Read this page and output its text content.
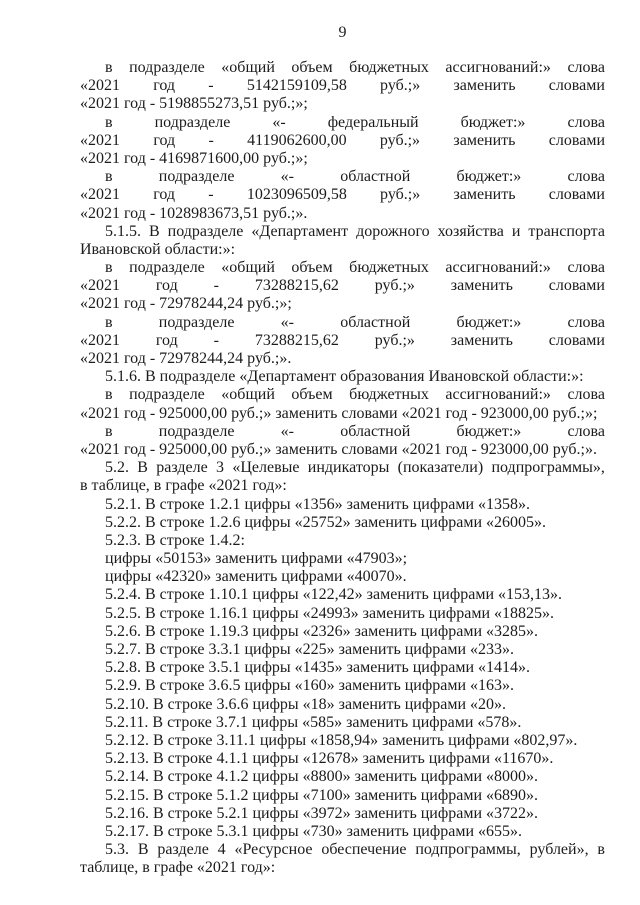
9
в подразделе «общий объем бюджетных ассигнований:» слова
«2021 год - 5142159109,58 руб.;» заменить словами
«2021 год - 5198855273,51 руб.;»;
в	подразделе	«-	федеральный	бюджет:»	слова
«2021 год - 4119062600,00 руб.;» заменить словами
«2021 год - 4169871600,00 руб.;»;
в	подразделе	«-	областной	бюджет:»	слова
«2021 год - 1023096509,58 руб.;» заменить словами
«2021 год - 1028983673,51 руб.;».
5.1.5. В подразделе «Департамент дорожного хозяйства и транспорта
Ивановской области:»:
в подразделе «общий объем бюджетных ассигнований:» слова
«2021 год - 73288215,62 руб.;» заменить словами
«2021 год - 72978244,24 руб.;»;
в	подразделе	«-	областной	бюджет:»	слова
«2021 год - 73288215,62 руб.;» заменить словами
«2021 год - 72978244,24 руб.;».
5.1.6. В подразделе «Департамент образования Ивановской области:»:
в подразделе «общий объем бюджетных ассигнований:» слова
«2021 год - 925000,00 руб.;» заменить словами «2021 год - 923000,00 руб.;»;
в	подразделе	«-	областной	бюджет:»	слова
«2021 год - 925000,00 руб.;» заменить словами «2021 год - 923000,00 руб.;».
5.2. В разделе 3 «Целевые индикаторы (показатели) подпрограммы»,
в таблице, в графе «2021 год»:
5.2.1. В строке 1.2.1 цифры «1356» заменить цифрами «1358».
5.2.2. В строке 1.2.6 цифры «25752» заменить цифрами «26005».
5.2.3. В строке 1.4.2:
цифры «50153» заменить цифрами «47903»;
цифры «42320» заменить цифрами «40070».
5.2.4. В строке 1.10.1 цифры «122,42» заменить цифрами «153,13».
5.2.5. В строке 1.16.1 цифры «24993» заменить цифрами «18825».
5.2.6. В строке 1.19.3 цифры «2326» заменить цифрами «3285».
5.2.7. В строке 3.3.1 цифры «225» заменить цифрами «233».
5.2.8. В строке 3.5.1 цифры «1435» заменить цифрами «1414».
5.2.9. В строке 3.6.5 цифры «160» заменить цифрами «163».
5.2.10. В строке 3.6.6 цифры «18» заменить цифрами «20».
5.2.11. В строке 3.7.1 цифры «585» заменить цифрами «578».
5.2.12. В строке 3.11.1 цифры «1858,94» заменить цифрами «802,97».
5.2.13. В строке 4.1.1 цифры «12678» заменить цифрами «11670».
5.2.14. В строке 4.1.2 цифры «8800» заменить цифрами «8000».
5.2.15. В строке 5.1.2 цифры «7100» заменить цифрами «6890».
5.2.16. В строке 5.2.1 цифры «3972» заменить цифрами «3722».
5.2.17. В строке 5.3.1 цифры «730» заменить цифрами «655».
5.3. В разделе 4 «Ресурсное обеспечение подпрограммы, рублей», в
таблице, в графе «2021 год»:
